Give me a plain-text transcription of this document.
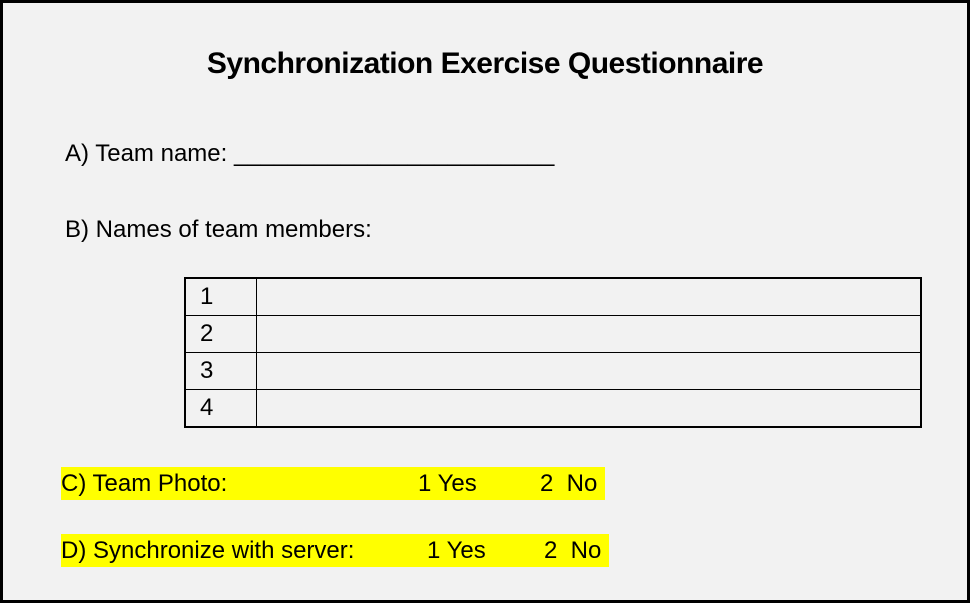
Synchronization Exercise Questionnaire
A) Team name: ________________________
B) Names of team members:
1	
2	
3	
4	
C) Team Photo:	1 Yes	2  No
D) Synchronize with server:	1 Yes	2  No
